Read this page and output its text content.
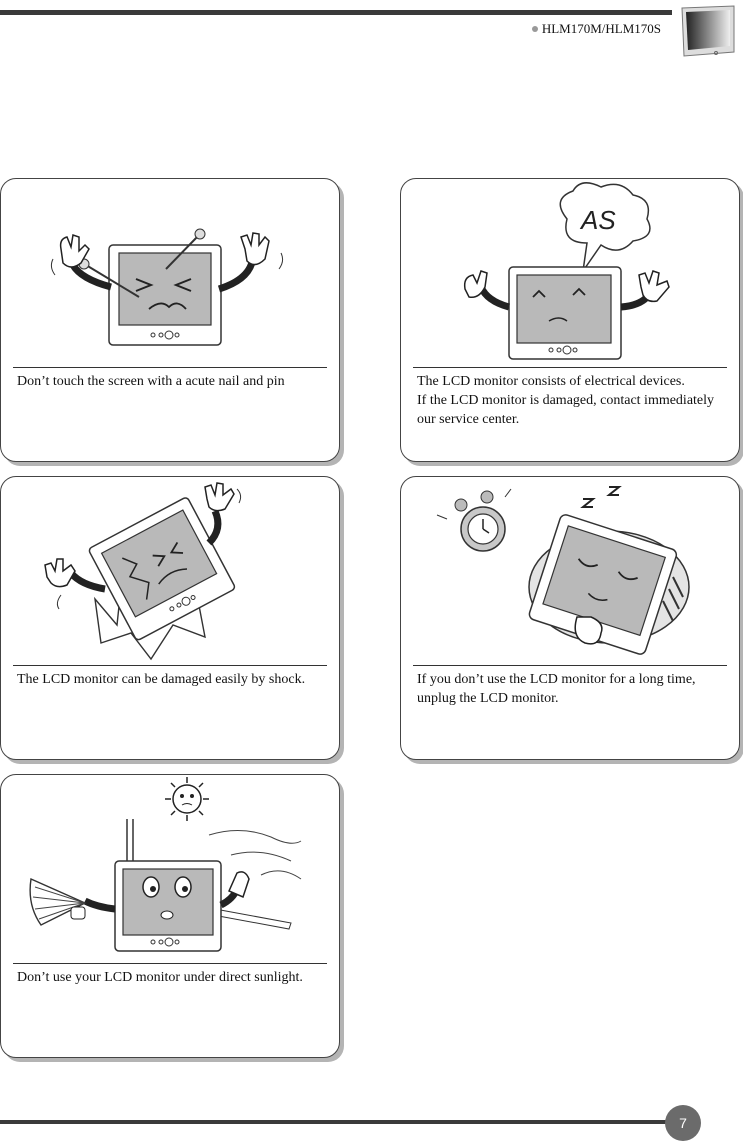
HLM170M/HLM170S
Don’t touch the screen with a acute nail and pin
AS
The LCD monitor consists of electrical devices.
If the LCD monitor is damaged, contact immediately
our service center.
The LCD monitor can be damaged easily by shock.	If you don’t use the LCD monitor for a long time,
unplug the LCD monitor.
Don’t use your LCD monitor under direct sunlight.
7
